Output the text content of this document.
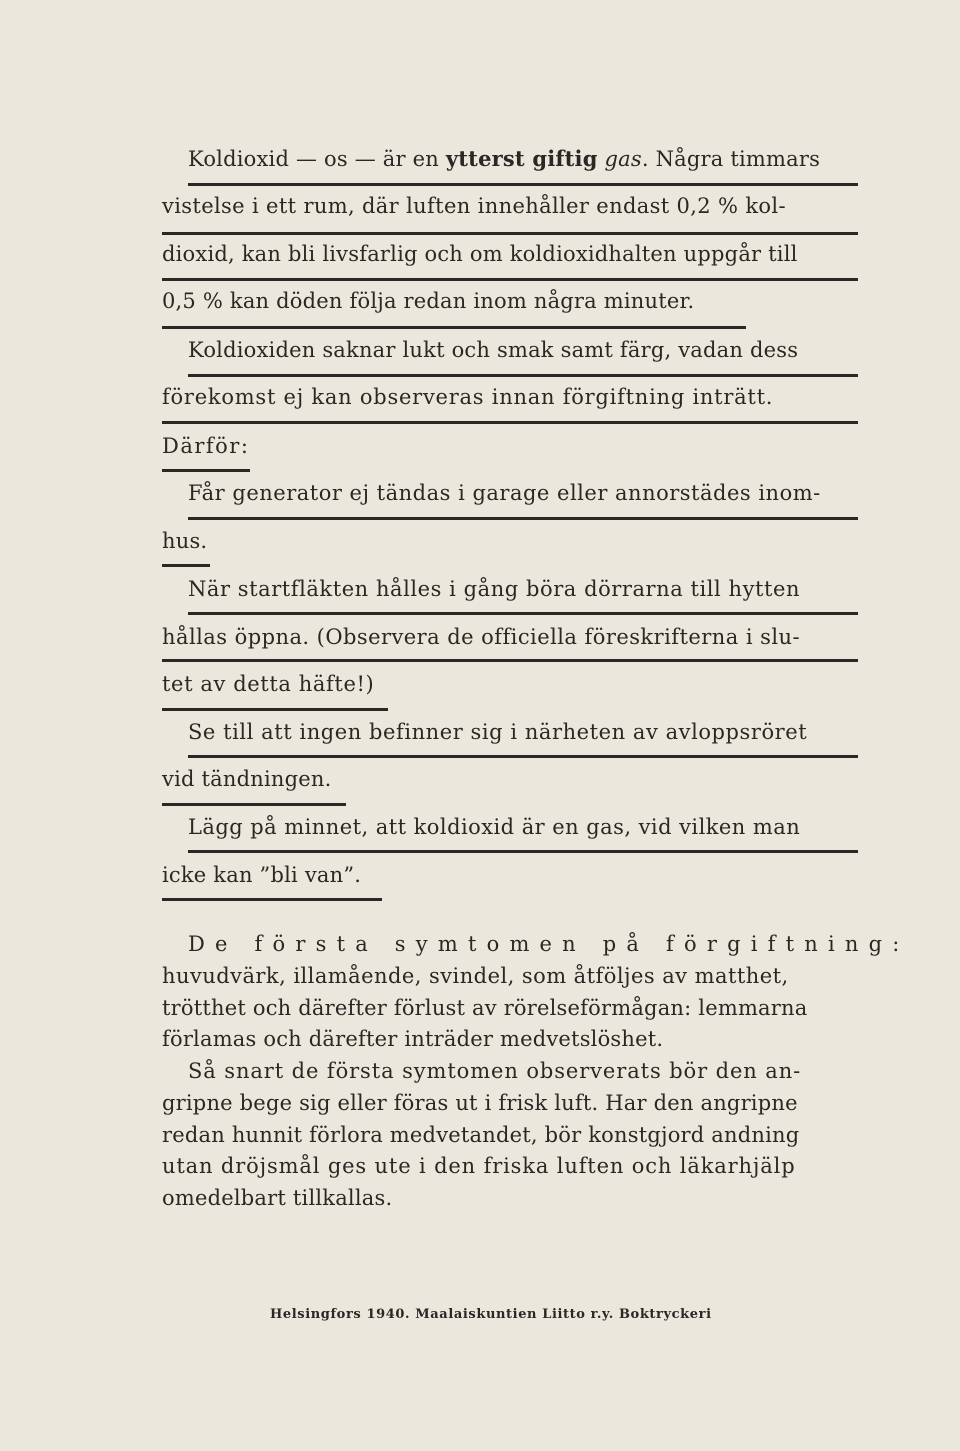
Koldioxid — os — är en ytterst giftig gas. Några timmars
vistelse i ett rum, där luften innehåller endast 0,2 % kol-
dioxid, kan bli livsfarlig och om koldioxidhalten uppgår till
0,5 % kan döden följa redan inom några minuter.
Koldioxiden saknar lukt och smak samt färg, vadan dess
förekomst ej kan observeras innan förgiftning inträtt.
Därför:
Får generator ej tändas i garage eller annorstädes inom-
hus.
När startfläkten hålles i gång böra dörrarna till hytten
hållas öppna. (Observera de officiella föreskrifterna i slu-
tet av detta häfte!)
Se till att ingen befinner sig i närheten av avloppsröret
vid tändningen.
Lägg på minnet, att koldioxid är en gas, vid vilken man
icke kan ”bli van”.
De första symtomen på förgiftning:
huvudvärk, illamående, svindel, som åtföljes av matthet,
trötthet och därefter förlust av rörelseförmågan: lemmarna
förlamas och därefter inträder medvetslöshet.
Så snart de första symtomen observerats bör den an-
gripne bege sig eller föras ut i frisk luft. Har den angripne
redan hunnit förlora medvetandet, bör konstgjord andning
utan dröjsmål ges ute i den friska luften och läkarhjälp
omedelbart tillkallas.
Helsingfors 1940. Maalaiskuntien Liitto r.y. Boktryckeri
